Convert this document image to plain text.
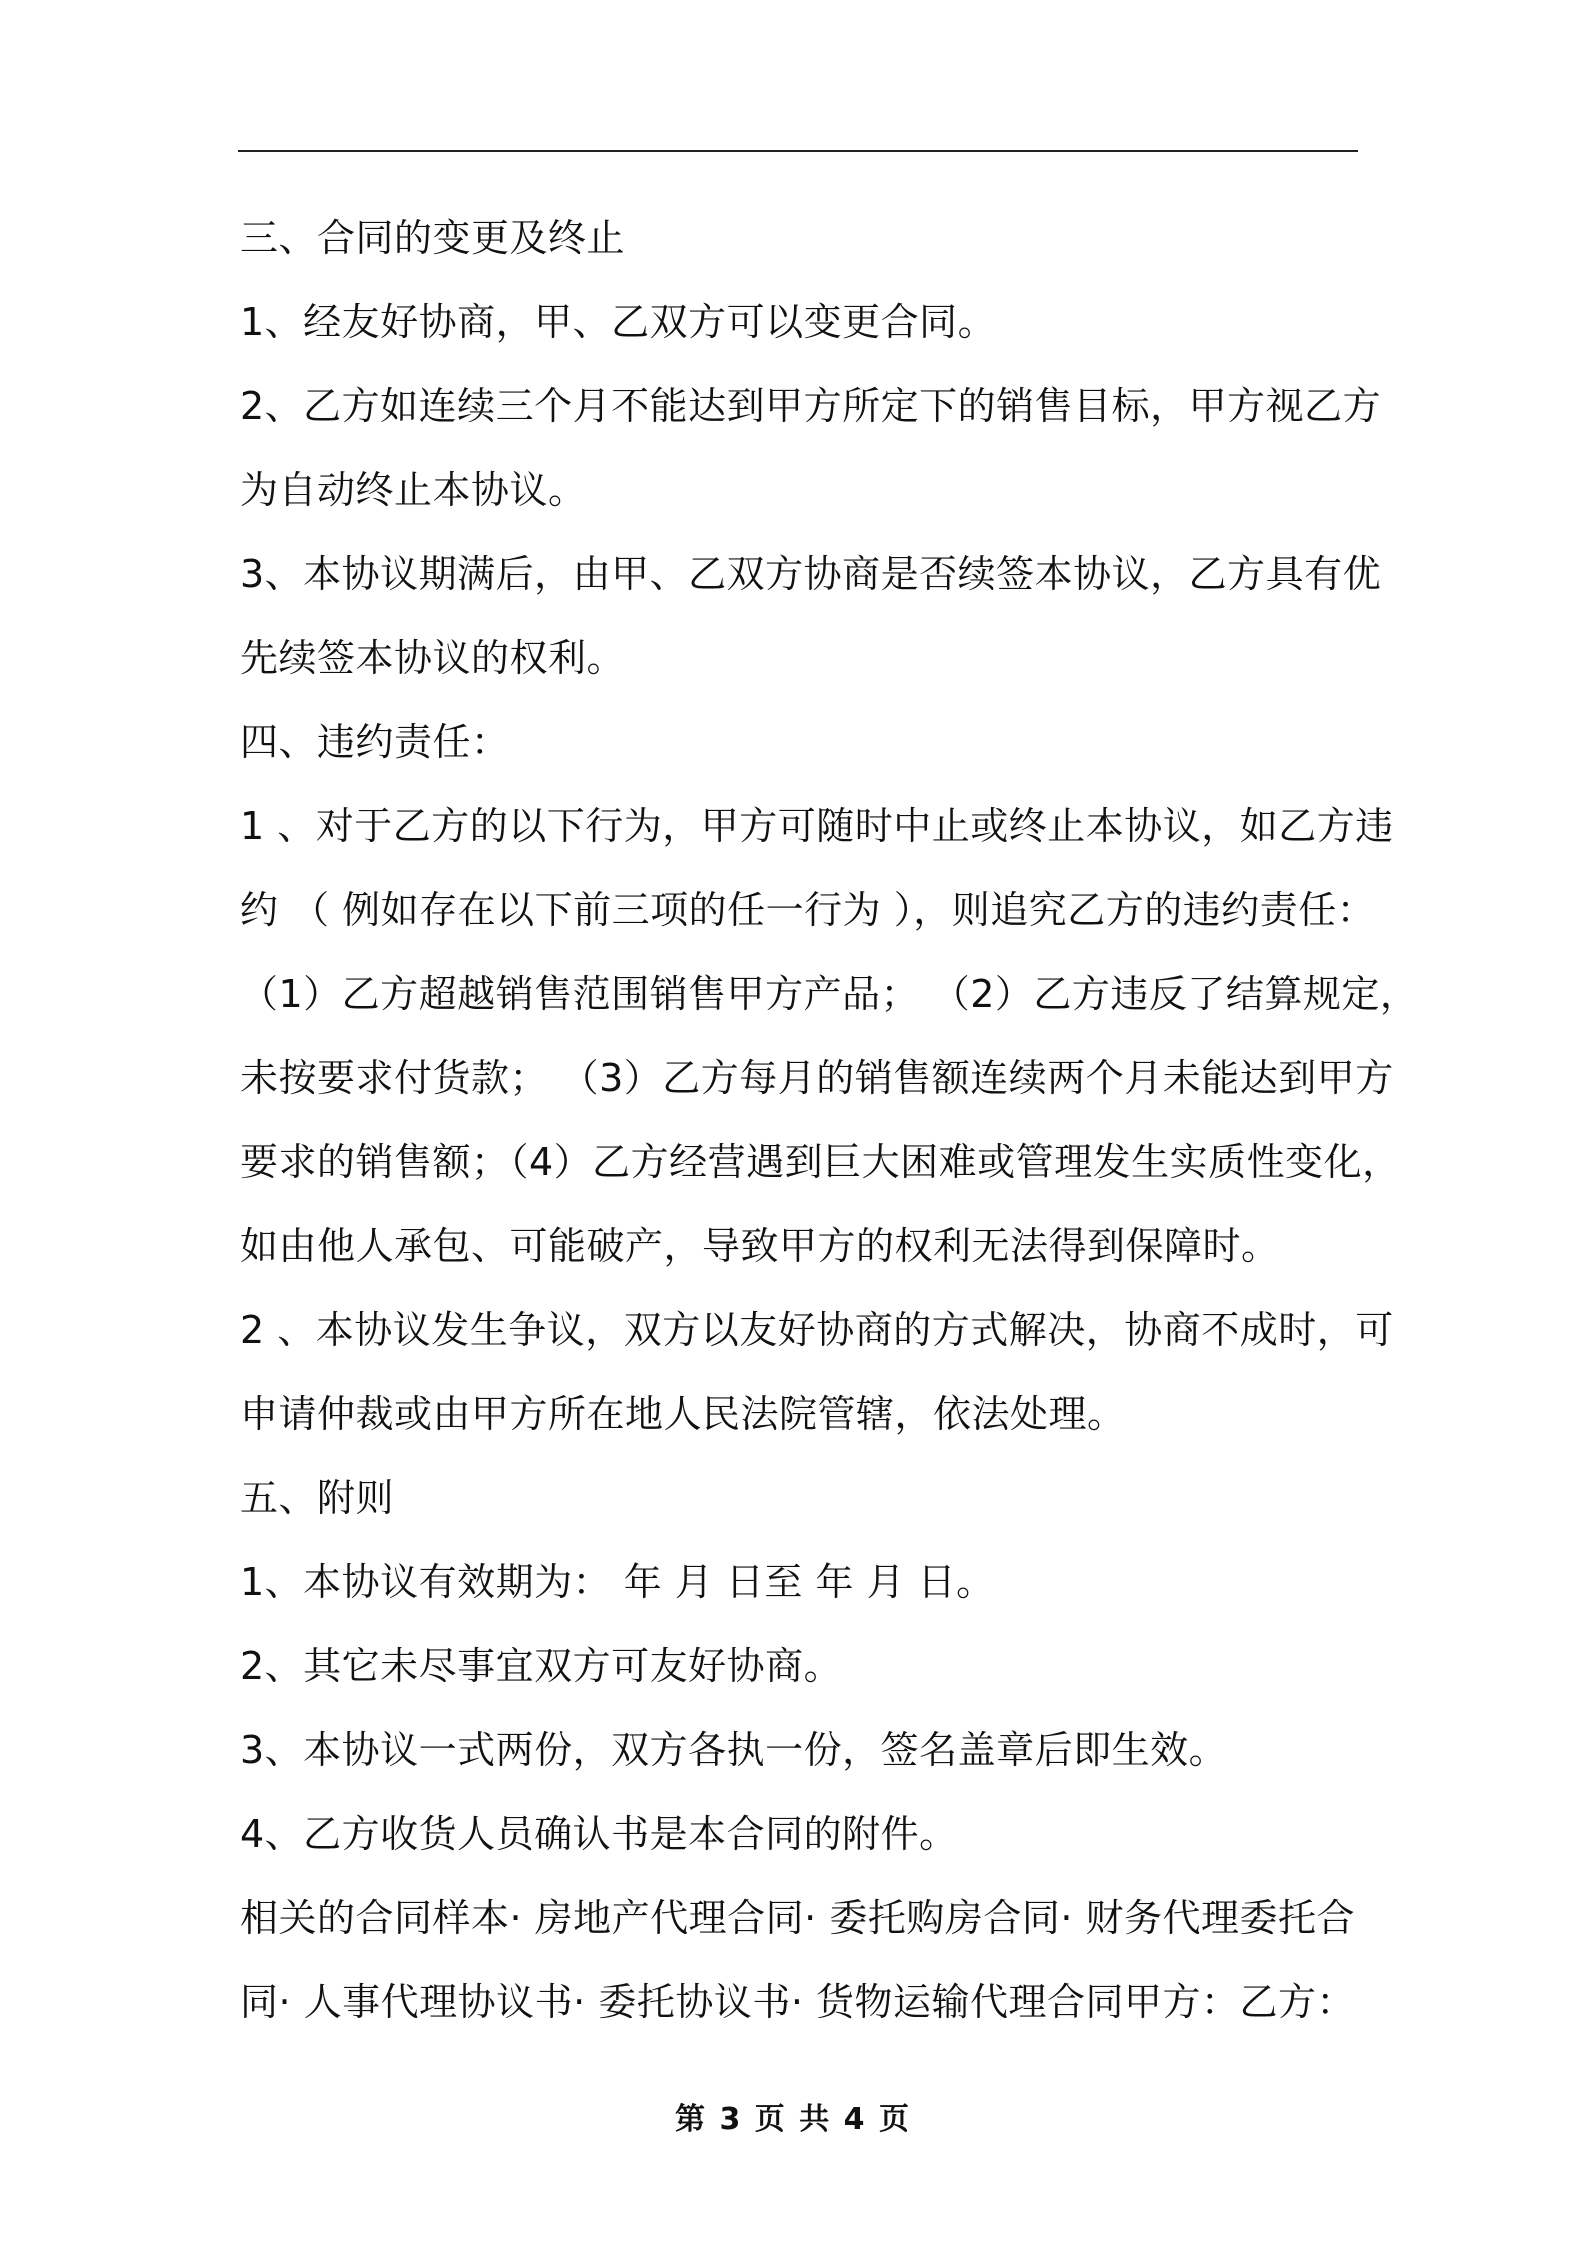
三、合同的变更及终止
1、经友好协商，甲、乙双方可以变更合同。
2、乙方如连续三个月不能达到甲方所定下的销售目标，甲方视乙方
为自动终止本协议。
3、本协议期满后，由甲、乙双方协商是否续签本协议，乙方具有优
先续签本协议的权利。
四、违约责任：
1 、对于乙方的以下行为，甲方可随时中止或终止本协议，如乙方违
约 （ 例如存在以下前三项的任一行为 ），则追究乙方的违约责任：
（1）乙方超越销售范围销售甲方产品； （2）乙方违反了结算规定，
未按要求付货款； （3）乙方每月的销售额连续两个月未能达到甲方
要求的销售额；（4）乙方经营遇到巨大困难或管理发生实质性变化，
如由他人承包、可能破产，导致甲方的权利无法得到保障时。
2 、本协议发生争议，双方以友好协商的方式解决，协商不成时，可
申请仲裁或由甲方所在地人民法院管辖，依法处理。
五、附则
1、本协议有效期为： 年 月 日至 年 月 日。
2、其它未尽事宜双方可友好协商。
3、本协议一式两份，双方各执一份，签名盖章后即生效。
4、乙方收货人员确认书是本合同的附件。
相关的合同样本· 房地产代理合同· 委托购房合同· 财务代理委托合
同· 人事代理协议书· 委托协议书· 货物运输代理合同甲方：乙方：
第 3 页 共 4 页
